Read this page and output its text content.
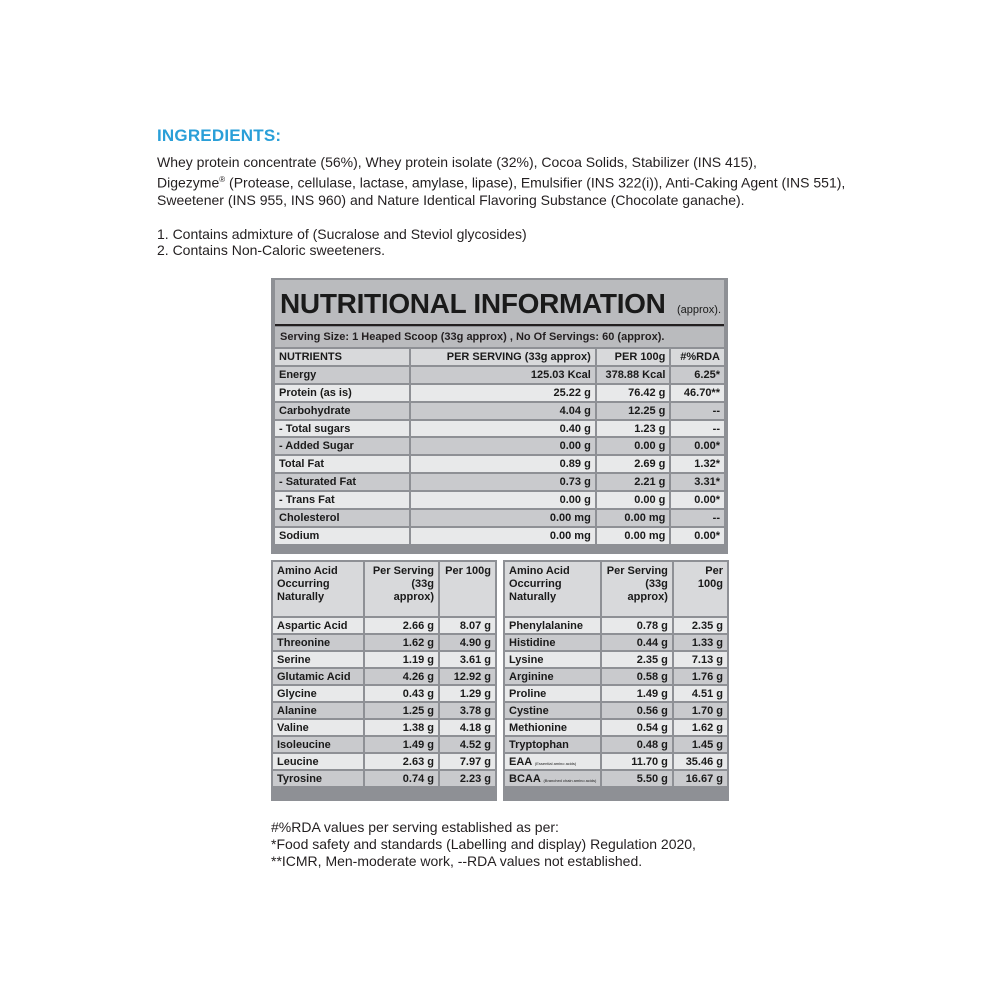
INGREDIENTS:

Whey protein concentrate (56%), Whey protein isolate (32%), Cocoa Solids, Stabilizer (INS 415),
Digezyme® (Protease, cellulase, lactase, amylase, lipase), Emulsifier (INS 322(i)), Anti-Caking Agent (INS 551),
Sweetener (INS 955, INS 960) and Nature Identical Flavoring Substance (Chocolate ganache).

1. Contains admixture of (Sucralose and Steviol glycosides)
2. Contains Non-Caloric sweeteners.
NUTRITIONAL INFORMATION (approx).
Serving Size: 1 Heaped Scoop (33g approx) , No Of Servings: 60 (approx).
NUTRIENTS	PER SERVING (33g approx)	PER 100g	#%RDA
Energy	125.03 Kcal	378.88 Kcal	6.25*
Protein (as is)	25.22 g	76.42 g	46.70**
Carbohydrate	4.04 g	12.25 g	--
- Total sugars	0.40 g	1.23 g	--
- Added Sugar	0.00 g	0.00 g	0.00*
Total Fat	0.89 g	2.69 g	1.32*
- Saturated Fat	0.73 g	2.21 g	3.31*
- Trans Fat	0.00 g	0.00 g	0.00*
Cholesterol	0.00 mg	0.00 mg	--
Sodium	0.00 mg	0.00 mg	0.00*
Amino Acid Occurring Naturally	Per Serving (33g approx)	Per 100g
Aspartic Acid	2.66 g	8.07 g
Threonine	1.62 g	4.90 g
Serine	1.19 g	3.61 g
Glutamic Acid	4.26 g	12.92 g
Glycine	0.43 g	1.29 g
Alanine	1.25 g	3.78 g
Valine	1.38 g	4.18 g
Isoleucine	1.49 g	4.52 g
Leucine	2.63 g	7.97 g
Tyrosine	0.74 g	2.23 g
Amino Acid Occurring Naturally	Per Serving (33g approx)	Per 100g
Phenylalanine	0.78 g	2.35 g
Histidine	0.44 g	1.33 g
Lysine	2.35 g	7.13 g
Arginine	0.58 g	1.76 g
Proline	1.49 g	4.51 g
Cystine	0.56 g	1.70 g
Methionine	0.54 g	1.62 g
Tryptophan	0.48 g	1.45 g
EAA (Essential amino acids)	11.70 g	35.46 g
BCAA (Branched chain amino acids)	5.50 g	16.67 g
#%RDA values per serving established as per:
*Food safety and standards (Labelling and display) Regulation 2020,
**ICMR, Men-moderate work, --RDA values not established.
